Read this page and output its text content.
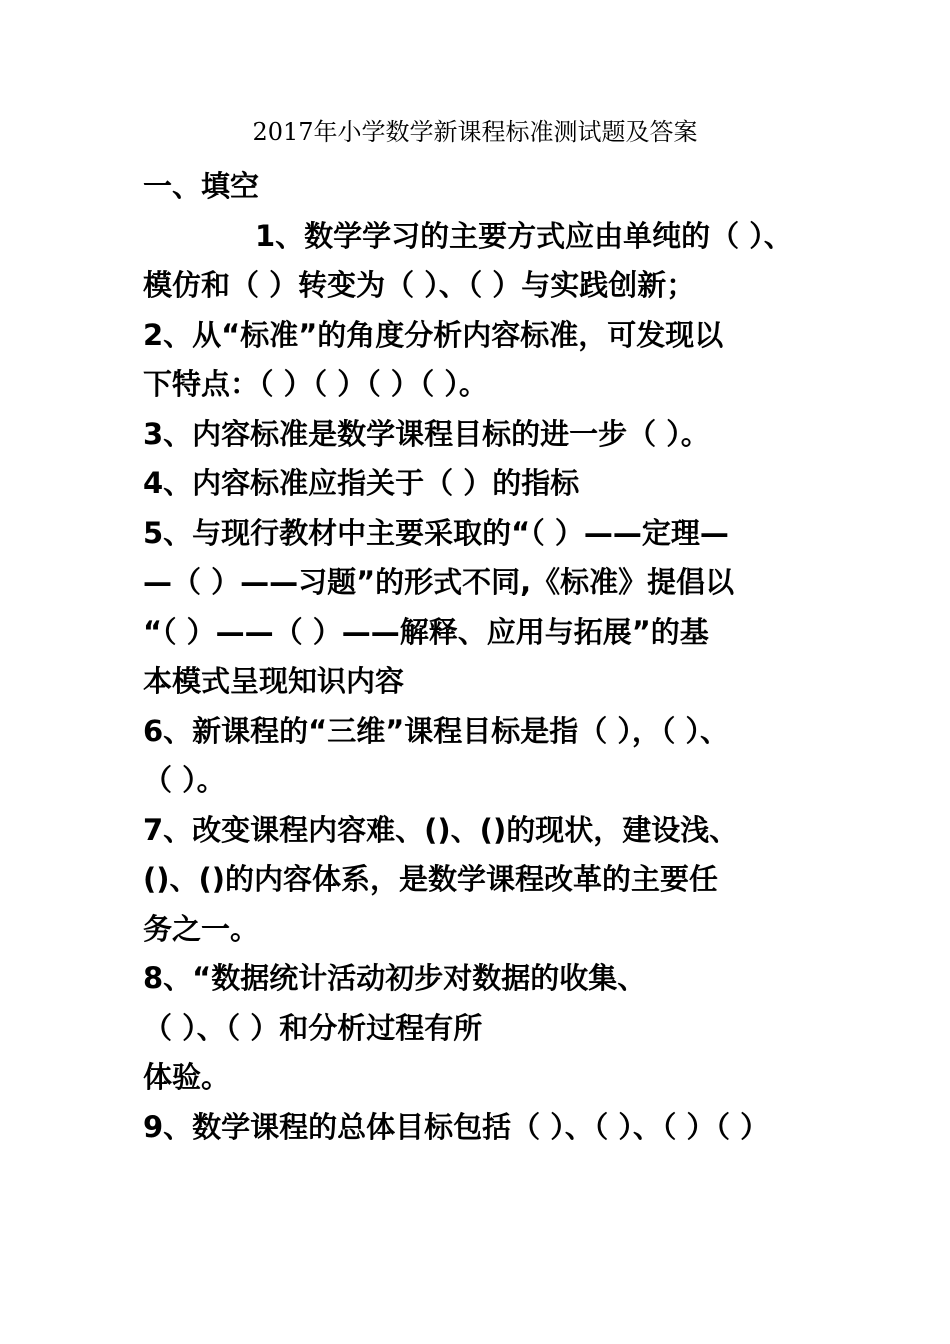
2017年小学数学新课程标准测试题及答案
一、填空
1、数学学习的主要方式应由单纯的（ ）、
模仿和（ ）转变为（ ）、（ ）与实践创新；
2、从“标准”的角度分析内容标准，可发现以
下特点：（ ）（ ）（ ）（ ）。
3、内容标准是数学课程目标的进一步（ ）。
4、内容标准应指关于（ ）的指标
5、与现行教材中主要采取的“（ ）——定理—
—（ ）——习题”的形式不同,《标准》提倡以
“（ ）——（ ）——解释、应用与拓展”的基
本模式呈现知识内容
6、新课程的“三维”课程目标是指（ ），（ ）、
（ ）。
7、改变课程内容难、()、()的现状，建设浅、
()、()的内容体系，是数学课程改革的主要任
务之一。
8、“数据统计活动初步对数据的收集、
（ ）、（ ）和分析过程有所
体验。
9、数学课程的总体目标包括（ ）、（ ）、（ ）（ ）
